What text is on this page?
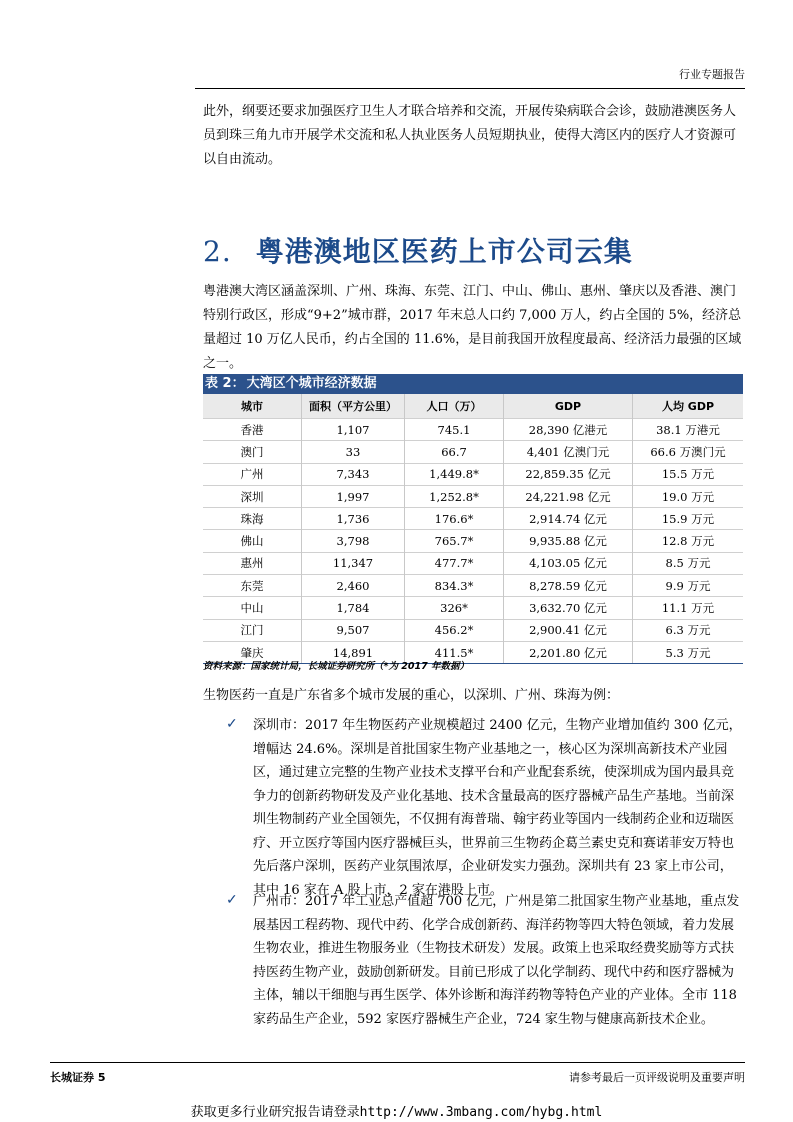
行业专题报告

此外，纲要还要求加强医疗卫生人才联合培养和交流，开展传染病联合会诊，鼓励港澳医务人员到珠三角九市开展学术交流和私人执业医务人员短期执业，使得大湾区内的医疗人才资源可以自由流动。

2. 粤港澳地区医药上市公司云集

粤港澳大湾区涵盖深圳、广州、珠海、东莞、江门、中山、佛山、惠州、肇庆以及香港、澳门特别行政区，形成“9+2”城市群，2017 年末总人口约 7,000 万人，约占全国的 5%，经济总量超过 10 万亿人民币，约占全国的 11.6%，是目前我国开放程度最高、经济活力最强的区域之一。

表 2： 大湾区个城市经济数据
城市	面积（平方公里）	人口（万）	GDP	人均 GDP
香港	1,107	745.1	28,390 亿港元	38.1 万港元
澳门	33	66.7	4,401 亿澳门元	66.6 万澳门元
广州	7,343	1,449.8*	22,859.35 亿元	15.5 万元
深圳	1,997	1,252.8*	24,221.98 亿元	19.0 万元
珠海	1,736	176.6*	2,914.74 亿元	15.9 万元
佛山	3,798	765.7*	9,935.88 亿元	12.8 万元
惠州	11,347	477.7*	4,103.05 亿元	8.5 万元
东莞	2,460	834.3*	8,278.59 亿元	9.9 万元
中山	1,784	326*	3,632.70 亿元	11.1 万元
江门	9,507	456.2*	2,900.41 亿元	6.3 万元
肇庆	14,891	411.5*	2,201.80 亿元	5.3 万元
资料来源：国家统计局，长城证券研究所（*为 2017 年数据）

生物医药一直是广东省多个城市发展的重心，以深圳、广州、珠海为例：

✓ 深圳市：2017 年生物医药产业规模超过 2400 亿元，生物产业增加值约 300 亿元，增幅达 24.6%。深圳是首批国家生物产业基地之一，核心区为深圳高新技术产业园区，通过建立完整的生物产业技术支撑平台和产业配套系统，使深圳成为国内最具竞争力的创新药物研发及产业化基地、技术含量最高的医疗器械产品生产基地。当前深圳生物制药产业全国领先，不仅拥有海普瑞、翰宇药业等国内一线制药企业和迈瑞医疗、开立医疗等国内医疗器械巨头，世界前三生物药企葛兰素史克和赛诺菲安万特也先后落户深圳，医药产业氛围浓厚，企业研发实力强劲。深圳共有 23 家上市公司，其中 16 家在 A 股上市，2 家在港股上市。

✓ 广州市：2017 年工业总产值超 700 亿元，广州是第二批国家生物产业基地，重点发展基因工程药物、现代中药、化学合成创新药、海洋药物等四大特色领域，着力发展生物农业，推进生物服务业（生物技术研发）发展。政策上也采取经费奖励等方式扶持医药生物产业，鼓励创新研发。目前已形成了以化学制药、现代中药和医疗器械为主体，辅以干细胞与再生医学、体外诊断和海洋药物等特色产业的产业体。全市 118 家药品生产企业，592 家医疗器械生产企业，724 家生物与健康高新技术企业。

长城证券 5	请参考最后一页评级说明及重要声明
获取更多行业研究报告请登录http://www.3mbang.com/hybg.html
